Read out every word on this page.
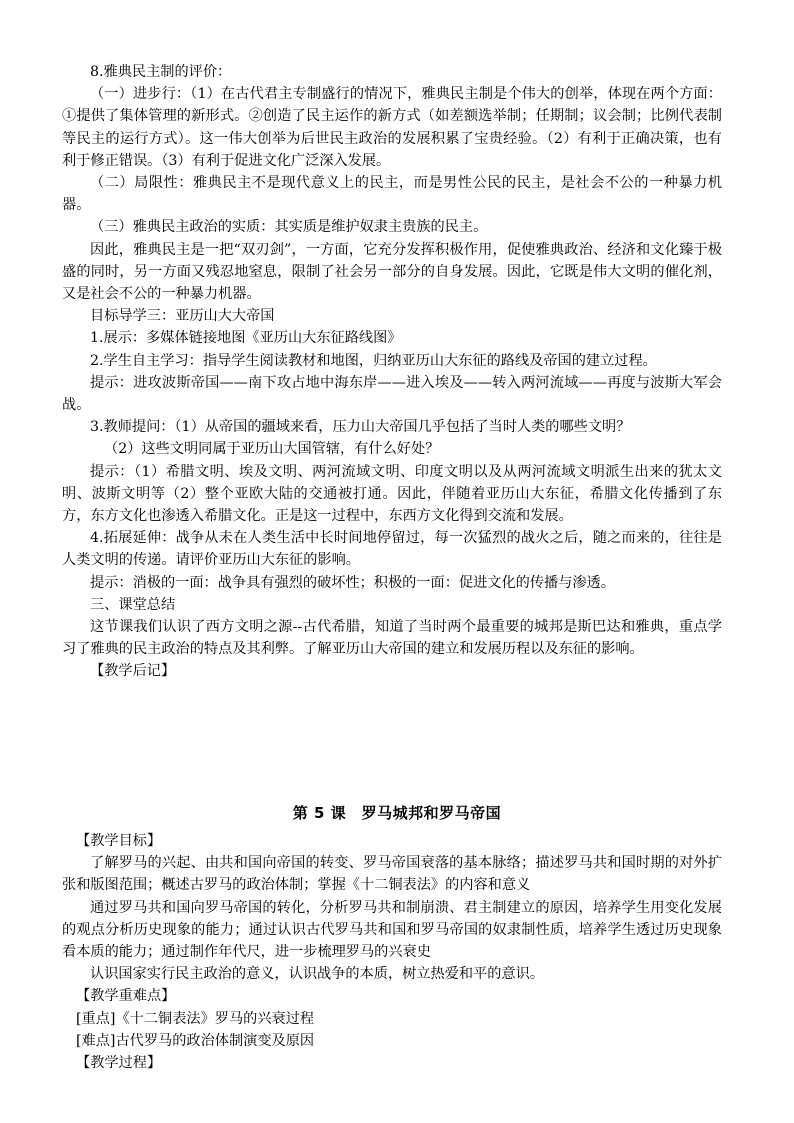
8.雅典民主制的评价：

（一）进步行：（1）在古代君主专制盛行的情况下，雅典民主制是个伟大的创举，体现在两个方面：①提供了集体管理的新形式。②创造了民主运作的新方式（如差额选举制；任期制；议会制；比例代表制等民主的运行方式）。这一伟大创举为后世民主政治的发展积累了宝贵经验。（2）有利于正确决策，也有利于修正错误。（3）有利于促进文化广泛深入发展。

（二）局限性：雅典民主不是现代意义上的民主，而是男性公民的民主，是社会不公的一种暴力机器。

（三）雅典民主政治的实质：其实质是维护奴隶主贵族的民主。

因此，雅典民主是一把“双刃剑”，一方面，它充分发挥积极作用，促使雅典政治、经济和文化臻于极盛的同时，另一方面又残忍地窒息，限制了社会另一部分的自身发展。因此，它既是伟大文明的催化剂，又是社会不公的一种暴力机器。

目标导学三：亚历山大大帝国

1.展示：多媒体链接地图《亚历山大东征路线图》

2.学生自主学习：指导学生阅读教材和地图，归纳亚历山大东征的路线及帝国的建立过程。

提示：进攻波斯帝国——南下攻占地中海东岸——进入埃及——转入两河流域——再度与波斯大军会战。

3.教师提问：（1）从帝国的疆域来看，压力山大帝国几乎包括了当时人类的哪些文明？

（2）这些文明同属于亚历山大国管辖，有什么好处？

提示：（1）希腊文明、埃及文明、两河流域文明、印度文明以及从两河流域文明派生出来的犹太文明、波斯文明等（2）整个亚欧大陆的交通被打通。因此，伴随着亚历山大东征，希腊文化传播到了东方，东方文化也渗透入希腊文化。正是这一过程中，东西方文化得到交流和发展。

4.拓展延伸：战争从未在人类生活中长时间地停留过，每一次猛烈的战火之后，随之而来的，往往是人类文明的传递。请评价亚历山大东征的影响。

提示：消极的一面：战争具有强烈的破坏性；积极的一面：促进文化的传播与渗透。

三、课堂总结

这节课我们认识了西方文明之源--古代希腊，知道了当时两个最重要的城邦是斯巴达和雅典，重点学习了雅典的民主政治的特点及其利弊。了解亚历山大帝国的建立和发展历程以及东征的影响。

【教学后记】

第 5 课　罗马城邦和罗马帝国

【教学目标】

了解罗马的兴起、由共和国向帝国的转变、罗马帝国衰落的基本脉络；描述罗马共和国时期的对外扩张和版图范围；概述古罗马的政治体制；掌握《十二铜表法》的内容和意义

通过罗马共和国向罗马帝国的转化，分析罗马共和制崩溃、君主制建立的原因，培养学生用变化发展的观点分析历史现象的能力；通过认识古代罗马共和国和罗马帝国的奴隶制性质，培养学生透过历史现象看本质的能力；通过制作年代尺，进一步梳理罗马的兴衰史

认识国家实行民主政治的意义，认识战争的本质，树立热爱和平的意识。

【教学重难点】

[重点]《十二铜表法》罗马的兴衰过程

[难点]古代罗马的政治体制演变及原因

【教学过程】
